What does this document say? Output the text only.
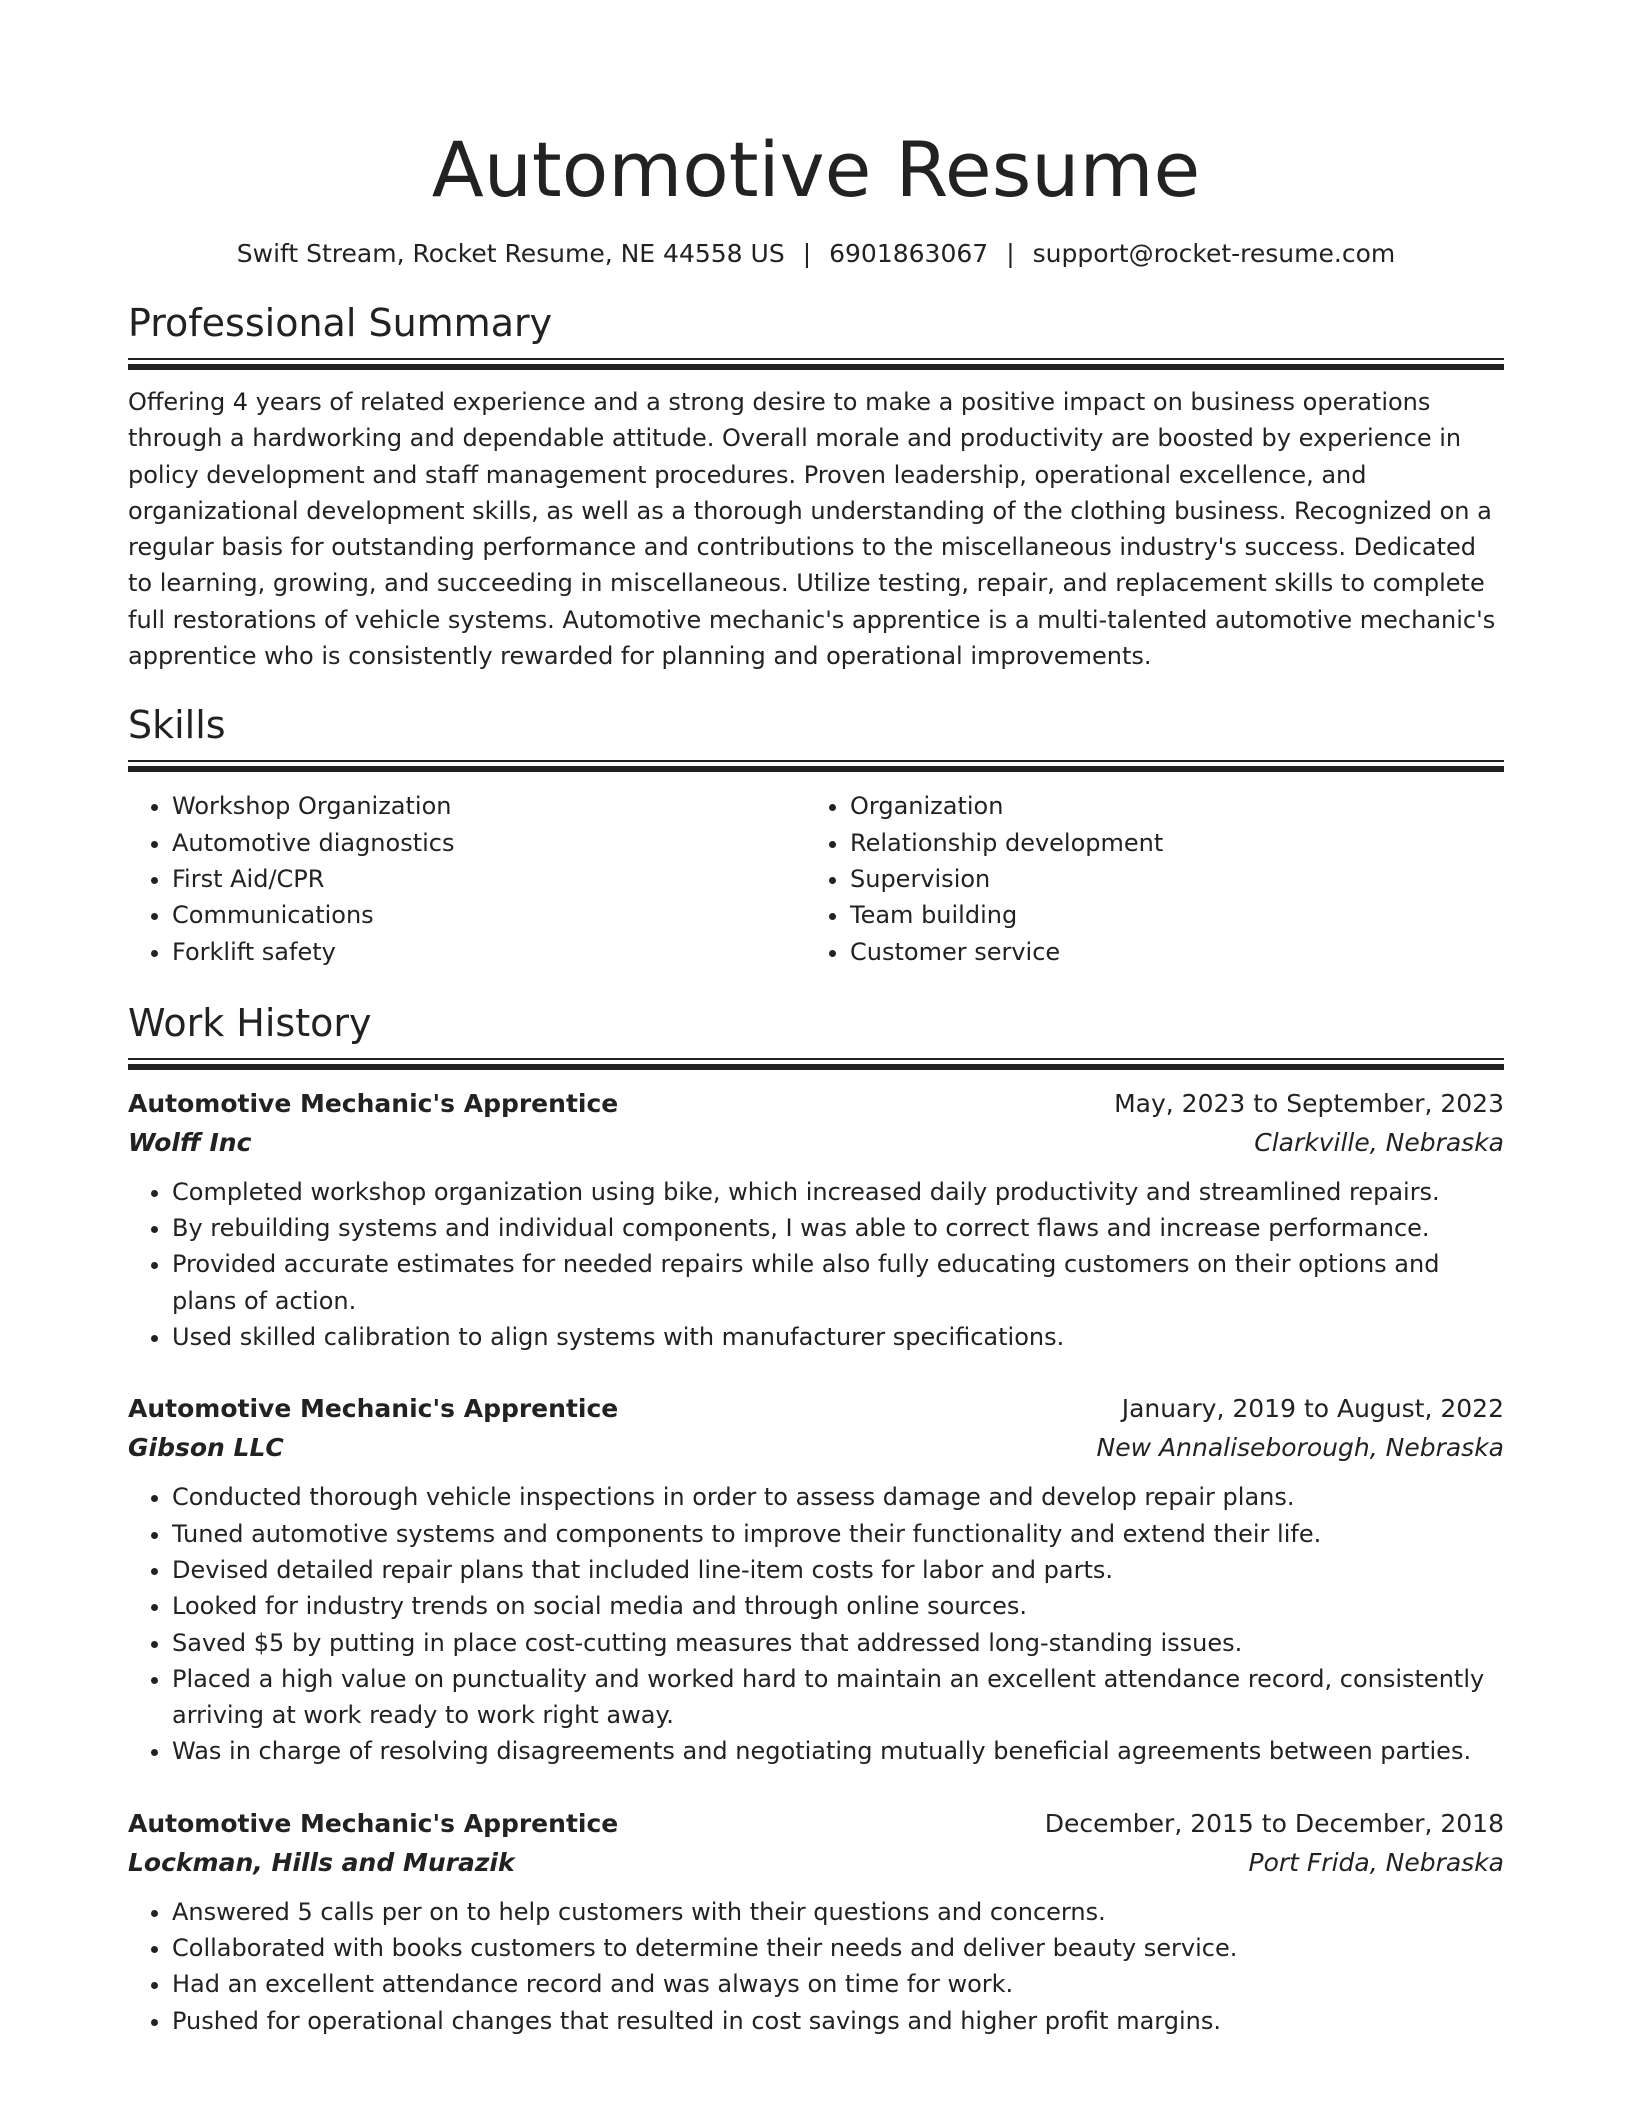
Automotive Resume
Swift Stream, Rocket Resume, NE 44558 US | 6901863067 | support@rocket-resume.com
Professional Summary

Offering 4 years of related experience and a strong desire to make a positive impact on business operations through a hardworking and dependable attitude. Overall morale and productivity are boosted by experience in policy development and staff management procedures. Proven leadership, operational excellence, and organizational development skills, as well as a thorough understanding of the clothing business. Recognized on a regular basis for outstanding performance and contributions to the miscellaneous industry's success. Dedicated to learning, growing, and succeeding in miscellaneous. Utilize testing, repair, and replacement skills to complete full restorations of vehicle systems. Automotive mechanic's apprentice is a multi-talented automotive mechanic's apprentice who is consistently rewarded for planning and operational improvements.

Skills
• Workshop Organization
• Automotive diagnostics
• First Aid/CPR
• Communications
• Forklift safety
• Organization
• Relationship development
• Supervision
• Team building
• Customer service
Work History
Automotive Mechanic's Apprentice	May, 2023 to September, 2023
Wolff Inc	Clarkville, Nebraska
• Completed workshop organization using bike, which increased daily productivity and streamlined repairs.
• By rebuilding systems and individual components, I was able to correct flaws and increase performance.
• Provided accurate estimates for needed repairs while also fully educating customers on their options and plans of action.
• Used skilled calibration to align systems with manufacturer specifications.
Automotive Mechanic's Apprentice	January, 2019 to August, 2022
Gibson LLC	New Annaliseborough, Nebraska
• Conducted thorough vehicle inspections in order to assess damage and develop repair plans.
• Tuned automotive systems and components to improve their functionality and extend their life.
• Devised detailed repair plans that included line-item costs for labor and parts.
• Looked for industry trends on social media and through online sources.
• Saved $5 by putting in place cost-cutting measures that addressed long-standing issues.
• Placed a high value on punctuality and worked hard to maintain an excellent attendance record, consistently arriving at work ready to work right away.
• Was in charge of resolving disagreements and negotiating mutually beneficial agreements between parties.
Automotive Mechanic's Apprentice	December, 2015 to December, 2018
Lockman, Hills and Murazik	Port Frida, Nebraska
• Answered 5 calls per on to help customers with their questions and concerns.
• Collaborated with books customers to determine their needs and deliver beauty service.
• Had an excellent attendance record and was always on time for work.
• Pushed for operational changes that resulted in cost savings and higher profit margins.
